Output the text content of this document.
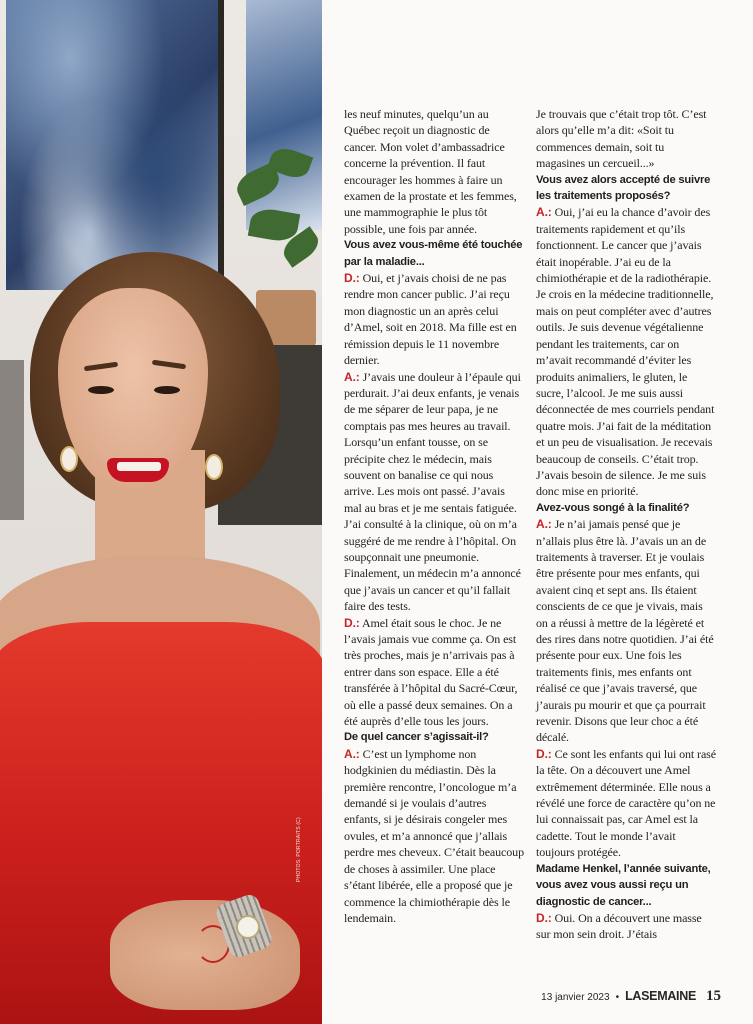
PHOTOS: PORTRAITS (C)

les neuf minutes, quelqu’un au Québec reçoit un diagnostic de cancer. Mon volet d’ambassadrice concerne la prévention. Il faut encourager les hommes à faire un examen de la prostate et les femmes, une mammographie le plus tôt possible, une fois par année.

Vous avez vous-même été touchée par la maladie...

D.: Oui, et j’avais choisi de ne pas rendre mon cancer public. J’ai reçu mon diagnostic un an après celui d’Amel, soit en 2018. Ma fille est en rémission depuis le 11 novembre dernier.

A.: J’avais une douleur à l’épaule qui perdurait. J’ai deux enfants, je venais de me séparer de leur papa, je ne comptais pas mes heures au travail. Lorsqu’un enfant tousse, on se précipite chez le médecin, mais souvent on banalise ce qui nous arrive. Les mois ont passé. J’avais mal au bras et je me sentais fatiguée. J’ai consulté à la clinique, où on m’a suggéré de me rendre à l’hôpital. On soupçonnait une pneumonie. Finalement, un médecin m’a annoncé que j’avais un cancer et qu’il fallait faire des tests.

D.: Amel était sous le choc. Je ne l’avais jamais vue comme ça. On est très proches, mais je n’arrivais pas à entrer dans son espace. Elle a été transférée à l’hôpital du Sacré-Cœur, où elle a passé deux semaines. On a été auprès d’elle tous les jours.

De quel cancer s’agissait-il?

A.: C’est un lymphome non hodgkinien du médiastin. Dès la première rencontre, l’oncologue m’a demandé si je voulais d’autres enfants, si je désirais congeler mes ovules, et m’a annoncé que j’allais perdre mes cheveux. C’était beaucoup de choses à assimiler. Une place s’étant libérée, elle a proposé que je commence la chimiothérapie dès le lendemain.

Je trouvais que c’était trop tôt. C’est alors qu’elle m’a dit: «Soit tu commences demain, soit tu magasines un cercueil...»

Vous avez alors accepté de suivre les traitements proposés?

A.: Oui, j’ai eu la chance d’avoir des traitements rapidement et qu’ils fonctionnent. Le cancer que j’avais était inopérable. J’ai eu de la chimiothérapie et de la radiothérapie. Je crois en la médecine traditionnelle, mais on peut compléter avec d’autres outils. Je suis devenue végétalienne pendant les traitements, car on m’avait recommandé d’éviter les produits animaliers, le gluten, le sucre, l’alcool. Je me suis aussi déconnectée de mes courriels pendant quatre mois. J’ai fait de la méditation et un peu de visualisation. Je recevais beaucoup de conseils. C’était trop. J’avais besoin de silence. Je me suis donc mise en priorité.

Avez-vous songé à la finalité?

A.: Je n’ai jamais pensé que je n’allais plus être là. J’avais un an de traitements à traverser. Et je voulais être présente pour mes enfants, qui avaient cinq et sept ans. Ils étaient conscients de ce que je vivais, mais on a réussi à mettre de la légèreté et des rires dans notre quotidien. J’ai été présente pour eux. Une fois les traitements finis, mes enfants ont réalisé ce que j’avais traversé, que j’aurais pu mourir et que ça pourrait revenir. Disons que leur choc a été décalé.

D.: Ce sont les enfants qui lui ont rasé la tête. On a découvert une Amel extrêmement déterminée. Elle nous a révélé une force de caractère qu’on ne lui connaissait pas, car Amel est la cadette. Tout le monde l’avait toujours protégée.

Madame Henkel, l’année suivante, vous avez vous aussi reçu un diagnostic de cancer...

D.: Oui. On a découvert une masse sur mon sein droit. J’étais

13 janvier 2023 • LASEMAINE 15
